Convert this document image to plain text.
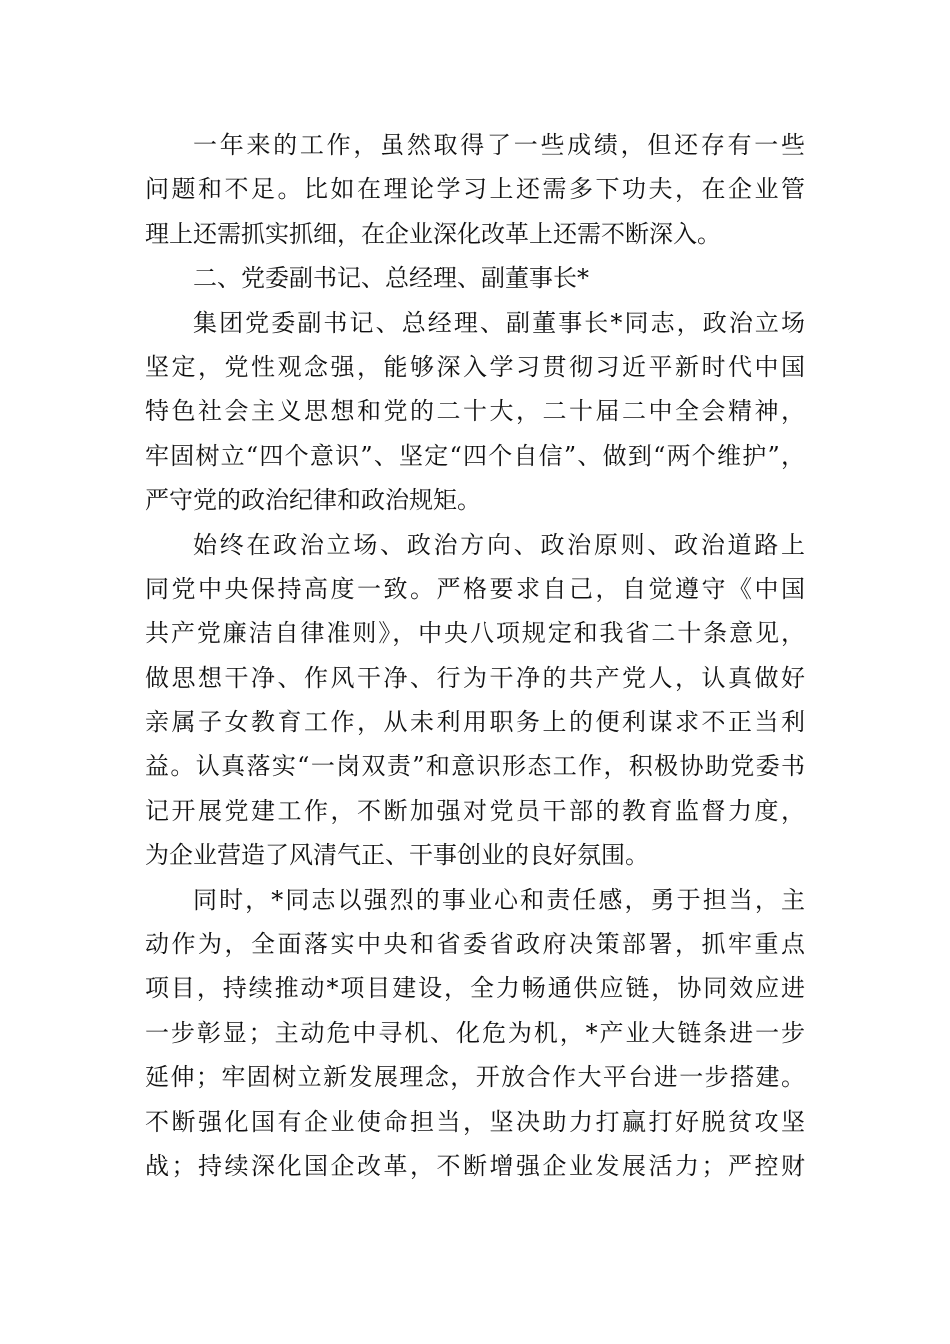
一年来的工作，虽然取得了一些成绩，但还存有一些
问题和不足。比如在理论学习上还需多下功夫，在企业管
理上还需抓实抓细，在企业深化改革上还需不断深入。
二、党委副书记、总经理、副董事长*
集团党委副书记、总经理、副董事长*同志，政治立场
坚定，党性观念强，能够深入学习贯彻习近平新时代中国
特色社会主义思想和党的二十大，二十届二中全会精神，
牢固树立“四个意识”、坚定“四个自信”、做到“两个维护”，
严守党的政治纪律和政治规矩。
始终在政治立场、政治方向、政治原则、政治道路上
同党中央保持高度一致。严格要求自己，自觉遵守《中国
共产党廉洁自律准则》，中央八项规定和我省二十条意见，
做思想干净、作风干净、行为干净的共产党人，认真做好
亲属子女教育工作，从未利用职务上的便利谋求不正当利
益。认真落实“一岗双责”和意识形态工作，积极协助党委书
记开展党建工作，不断加强对党员干部的教育监督力度，
为企业营造了风清气正、干事创业的良好氛围。
同时，*同志以强烈的事业心和责任感，勇于担当，主
动作为，全面落实中央和省委省政府决策部署，抓牢重点
项目，持续推动*项目建设，全力畅通供应链，协同效应进
一步彰显；主动危中寻机、化危为机，*产业大链条进一步
延伸；牢固树立新发展理念，开放合作大平台进一步搭建。
不断强化国有企业使命担当，坚决助力打赢打好脱贫攻坚
战；持续深化国企改革，不断增强企业发展活力；严控财
